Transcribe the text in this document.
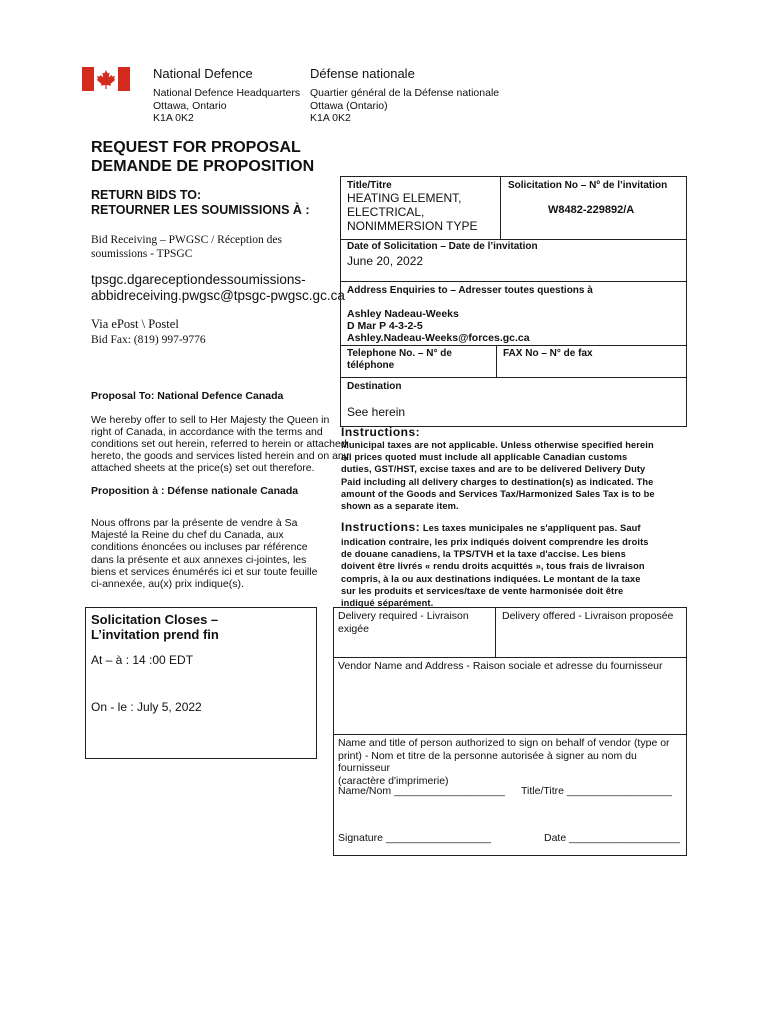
National Defence	Défense nationale
National Defence Headquarters
Ottawa, Ontario
K1A 0K2
Quartier général de la Défense nationale
Ottawa (Ontario)
K1A 0K2
REQUEST FOR PROPOSAL
DEMANDE DE PROPOSITION
RETURN BIDS TO:
RETOURNER LES SOUMISSIONS À :
Bid Receiving – PWGSC / Réception des
soumissions - TPSGC
tpsgc.dgareceptiondessoumissions-
abbidreceiving.pwgsc@tpsgc-pwgsc.gc.ca
Via ePost \ Postel
Bid Fax: (819) 997-9776
Proposal To: National Defence Canada
We hereby offer to sell to Her Majesty the Queen in
right of Canada, in accordance with the terms and
conditions set out herein, referred to herein or attached
hereto, the goods and services listed herein and on any
attached sheets at the price(s) set out therefore.
Proposition à : Défense nationale Canada
Nous offrons par la présente de vendre à Sa
Majesté la Reine du chef du Canada, aux
conditions énoncées ou incluses par référence
dans la présente et aux annexes ci-jointes, les
biens et services énumérés ici et sur toute feuille
ci-annexée, au(x) prix indique(s).
Solicitation Closes –
L’invitation prend fin
At – à : 14 :00 EDT
On - le : July 5, 2022
Title/Titre
HEATING ELEMENT,
ELECTRICAL,
NONIMMERSION TYPE
Solicitation No – Nº de l’invitation
W8482-229892/A
Date of Solicitation – Date de l’invitation
June 20, 2022
Address Enquiries to – Adresser toutes questions à
Ashley Nadeau-Weeks
D Mar P 4-3-2-5
Ashley.Nadeau-Weeks@forces.gc.ca
Telephone No. – N° de
téléphone
FAX No – N° de fax
Destination
See herein
Instructions:
Municipal taxes are not applicable. Unless otherwise specified herein
all prices quoted must include all applicable Canadian customs
duties, GST/HST, excise taxes and are to be delivered Delivery Duty
Paid including all delivery charges to destination(s) as indicated. The
amount of the Goods and Services Tax/Harmonized Sales Tax is to be
shown as a separate item.
Instructions: Les taxes municipales ne s'appliquent pas. Sauf
indication contraire, les prix indiqués doivent comprendre les droits
de douane canadiens, la TPS/TVH et la taxe d'accise. Les biens
doivent être livrés « rendu droits acquittés », tous frais de livraison
compris, à la ou aux destinations indiquées. Le montant de la taxe
sur les produits et services/taxe de vente harmonisée doit être
indiqué séparément.
Delivery required - Livraison
exigée
Delivery offered - Livraison proposée
Vendor Name and Address - Raison sociale et adresse du fournisseur
Name and title of person authorized to sign on behalf of vendor (type or
print) - Nom et titre de la personne autorisée à signer au nom du fournisseur
(caractère d'imprimerie)
Name/Nom ___________________ Title/Titre __________________
Signature __________________	Date ___________________
